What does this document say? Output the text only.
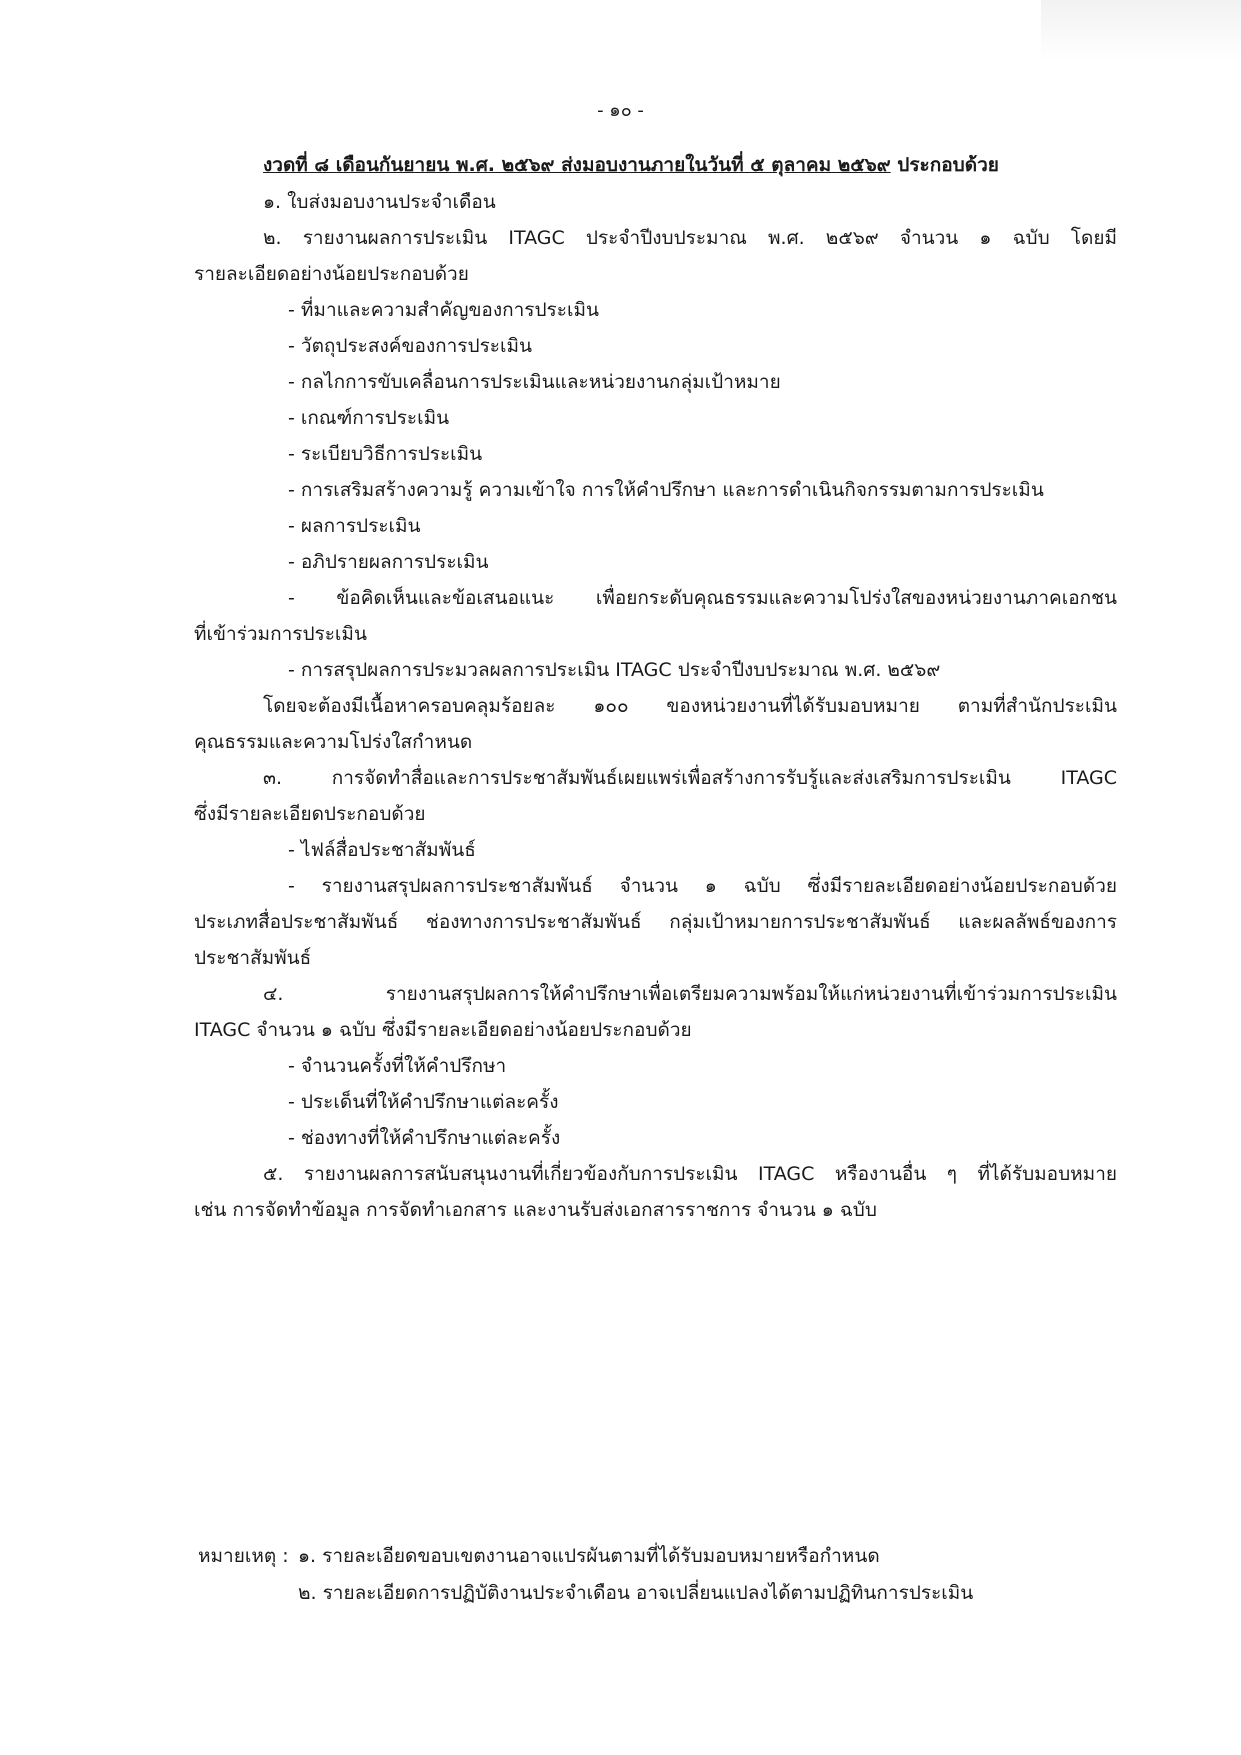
- ๑๐ -
งวดที่ ๘ เดือนกันยายน พ.ศ. ๒๕๖๙ ส่งมอบงานภายในวันที่ ๕ ตุลาคม ๒๕๖๙ ประกอบด้วย
๑. ใบส่งมอบงานประจำเดือน
๒. รายงานผลการประเมิน ITAGC ประจำปีงบประมาณ พ.ศ. ๒๕๖๙ จำนวน ๑ ฉบับ โดยมี
รายละเอียดอย่างน้อยประกอบด้วย
- ที่มาและความสำคัญของการประเมิน
- วัตถุประสงค์ของการประเมิน
- กลไกการขับเคลื่อนการประเมินและหน่วยงานกลุ่มเป้าหมาย
- เกณฑ์การประเมิน
- ระเบียบวิธีการประเมิน
- การเสริมสร้างความรู้ ความเข้าใจ การให้คำปรึกษา และการดำเนินกิจกรรมตามการประเมิน
- ผลการประเมิน
- อภิปรายผลการประเมิน
- ข้อคิดเห็นและข้อเสนอแนะ เพื่อยกระดับคุณธรรมและความโปร่งใสของหน่วยงานภาคเอกชน
ที่เข้าร่วมการประเมิน
- การสรุปผลการประมวลผลการประเมิน ITAGC ประจำปีงบประมาณ พ.ศ. ๒๕๖๙
โดยจะต้องมีเนื้อหาครอบคลุมร้อยละ ๑๐๐ ของหน่วยงานที่ได้รับมอบหมาย ตามที่สำนักประเมิน
คุณธรรมและความโปร่งใสกำหนด
๓. การจัดทำสื่อและการประชาสัมพันธ์เผยแพร่เพื่อสร้างการรับรู้และส่งเสริมการประเมิน ITAGC
ซึ่งมีรายละเอียดประกอบด้วย
- ไฟล์สื่อประชาสัมพันธ์
- รายงานสรุปผลการประชาสัมพันธ์ จำนวน ๑ ฉบับ ซึ่งมีรายละเอียดอย่างน้อยประกอบด้วย
ประเภทสื่อประชาสัมพันธ์ ช่องทางการประชาสัมพันธ์ กลุ่มเป้าหมายการประชาสัมพันธ์ และผลลัพธ์ของการ
ประชาสัมพันธ์
๔. รายงานสรุปผลการให้คำปรึกษาเพื่อเตรียมความพร้อมให้แก่หน่วยงานที่เข้าร่วมการประเมิน
ITAGC จำนวน ๑ ฉบับ ซึ่งมีรายละเอียดอย่างน้อยประกอบด้วย
- จำนวนครั้งที่ให้คำปรึกษา
- ประเด็นที่ให้คำปรึกษาแต่ละครั้ง
- ช่องทางที่ให้คำปรึกษาแต่ละครั้ง
๕. รายงานผลการสนับสนุนงานที่เกี่ยวข้องกับการประเมิน ITAGC หรืองานอื่น ๆ ที่ได้รับมอบหมาย
เช่น การจัดทำข้อมูล การจัดทำเอกสาร และงานรับส่งเอกสารราชการ จำนวน ๑ ฉบับ
หมายเหตุ : ๑. รายละเอียดขอบเขตงานอาจแปรผันตามที่ได้รับมอบหมายหรือกำหนด
๒. รายละเอียดการปฏิบัติงานประจำเดือน อาจเปลี่ยนแปลงได้ตามปฏิทินการประเมิน
